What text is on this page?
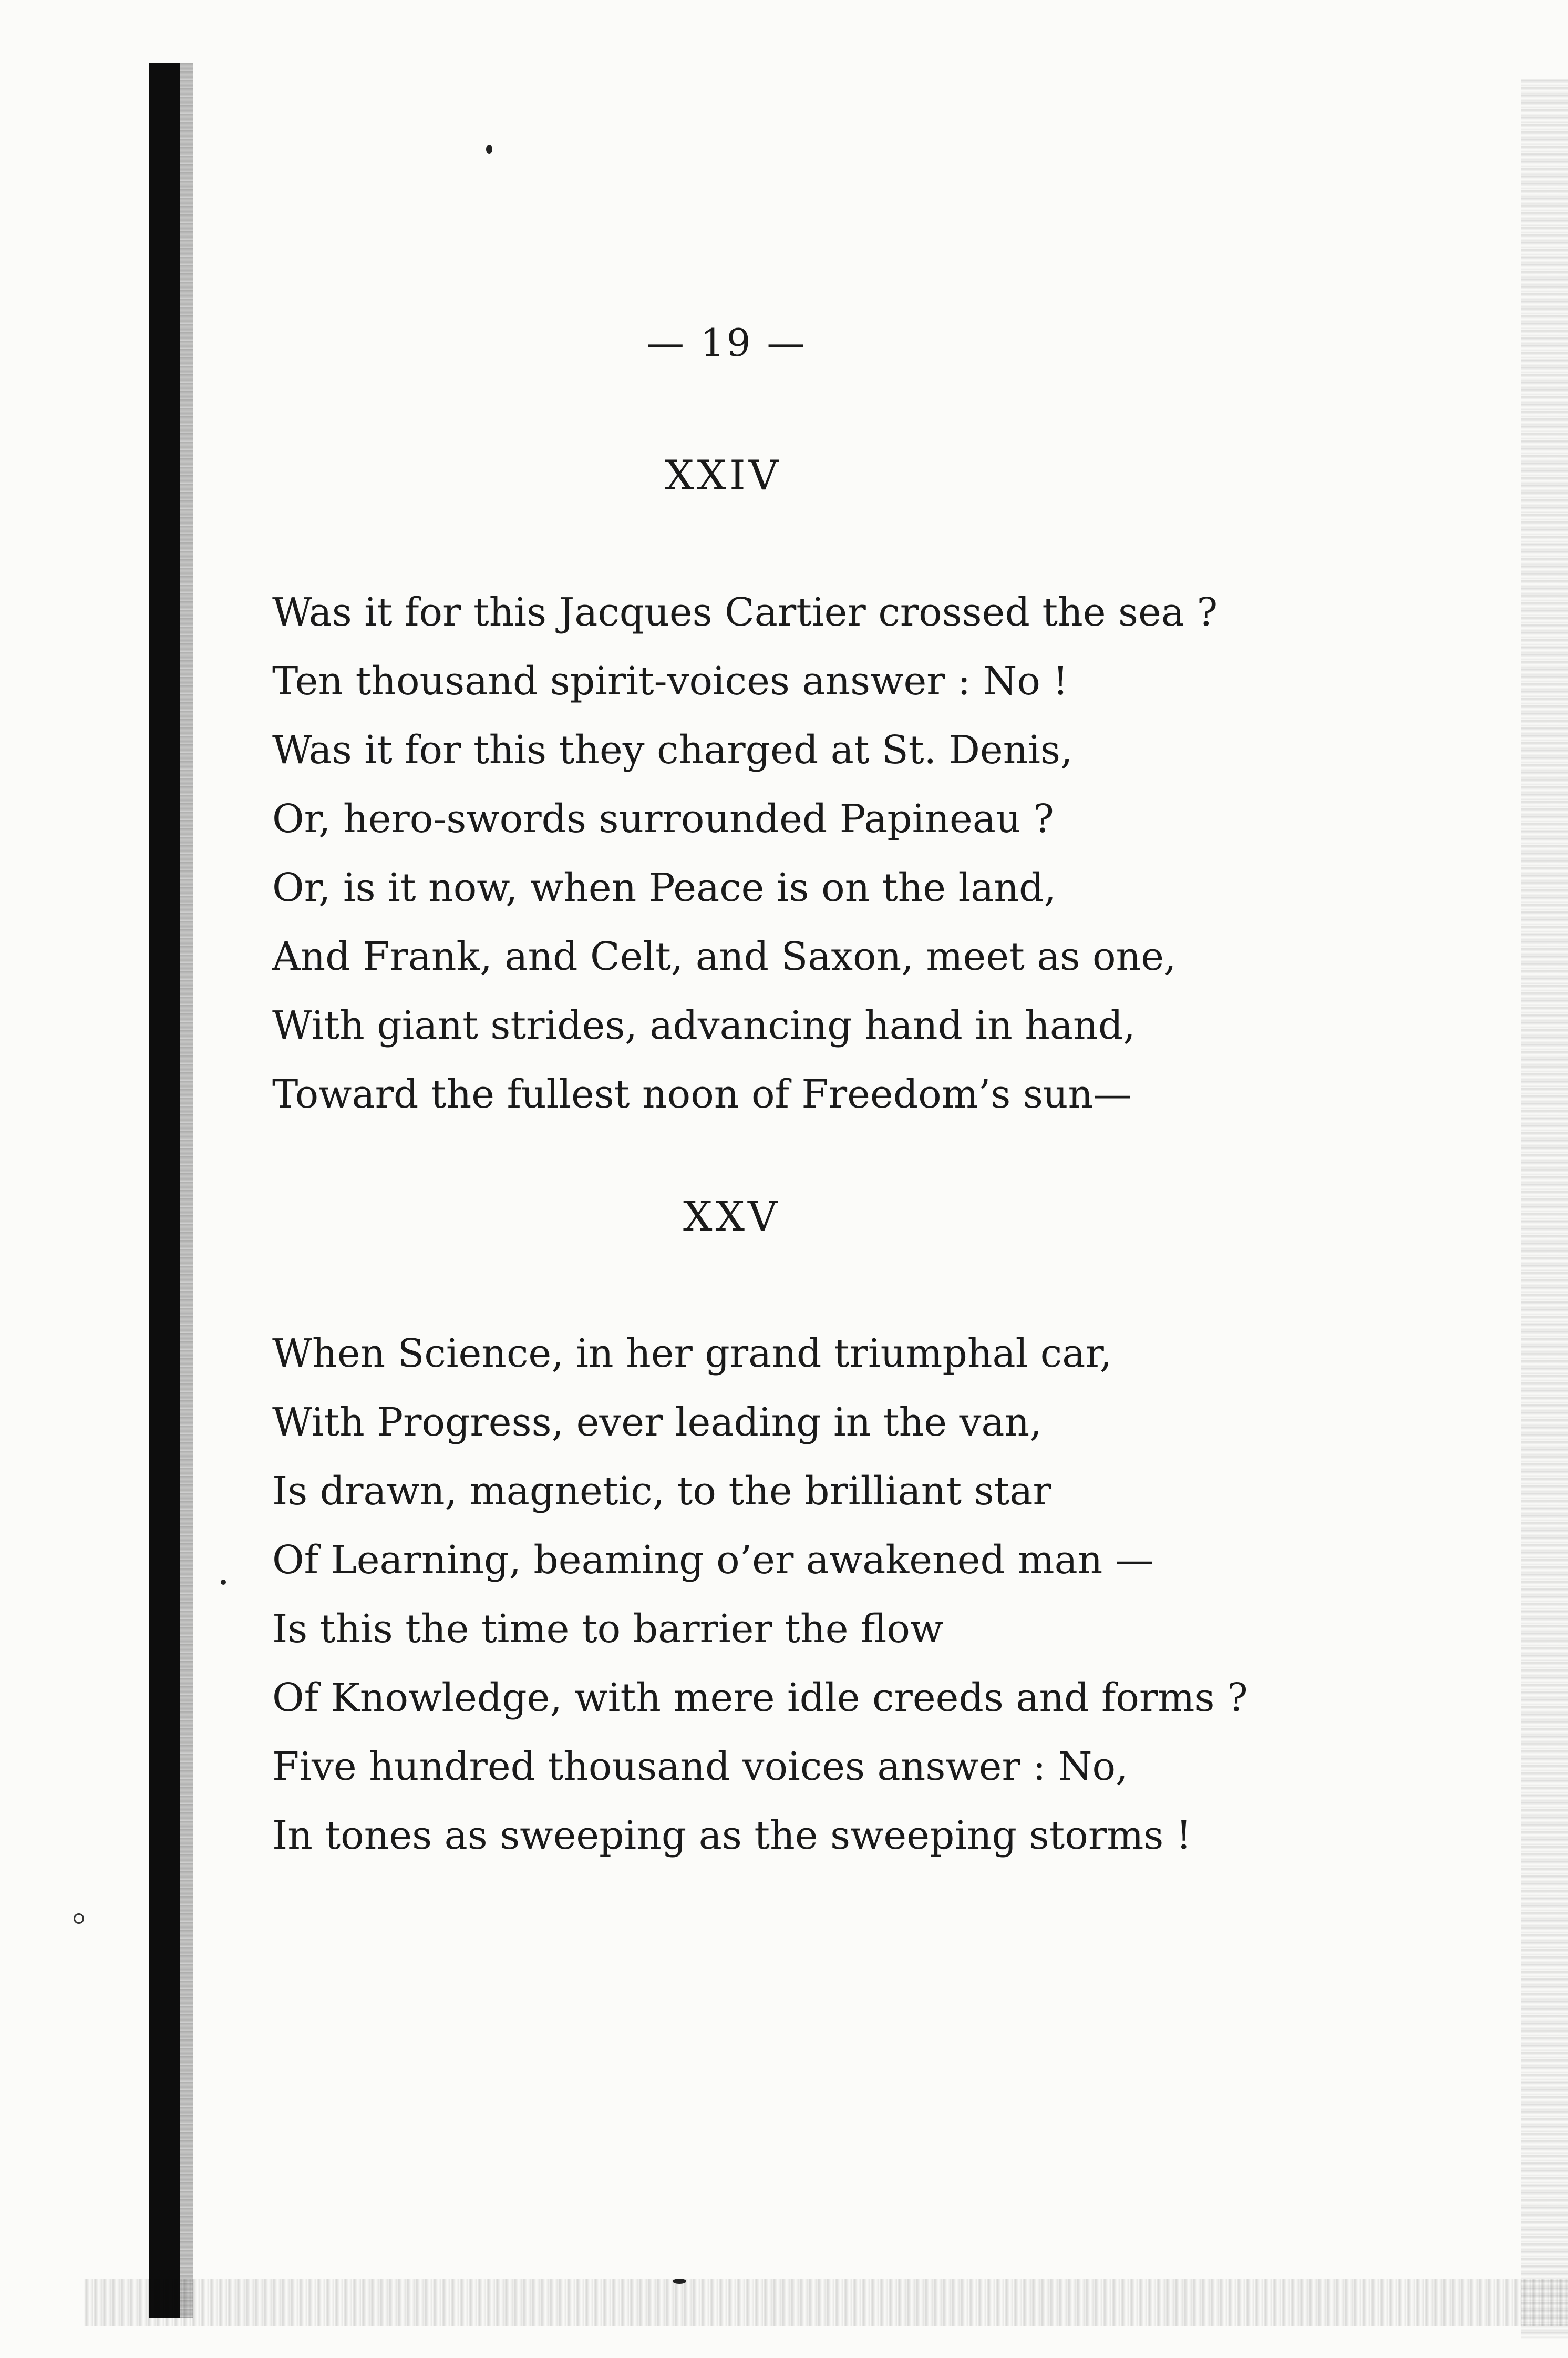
— 19 —
XXIV
Was it for this Jacques Cartier crossed the sea ?
Ten thousand spirit-voices answer : No !
Was it for this they charged at St. Denis,
Or, hero-swords surrounded Papineau ?
Or, is it now, when Peace is on the land,
And Frank, and Celt, and Saxon, meet as one,
With giant strides, advancing hand in hand,
Toward the fullest noon of Freedom’s sun—
XXV
When Science, in her grand triumphal car,
With Progress, ever leading in the van,
Is drawn, magnetic, to the brilliant star
Of Learning, beaming o’er awakened man —
Is this the time to barrier the flow
Of Knowledge, with mere idle creeds and forms ?
Five hundred thousand voices answer : No,
In tones as sweeping as the sweeping storms !
